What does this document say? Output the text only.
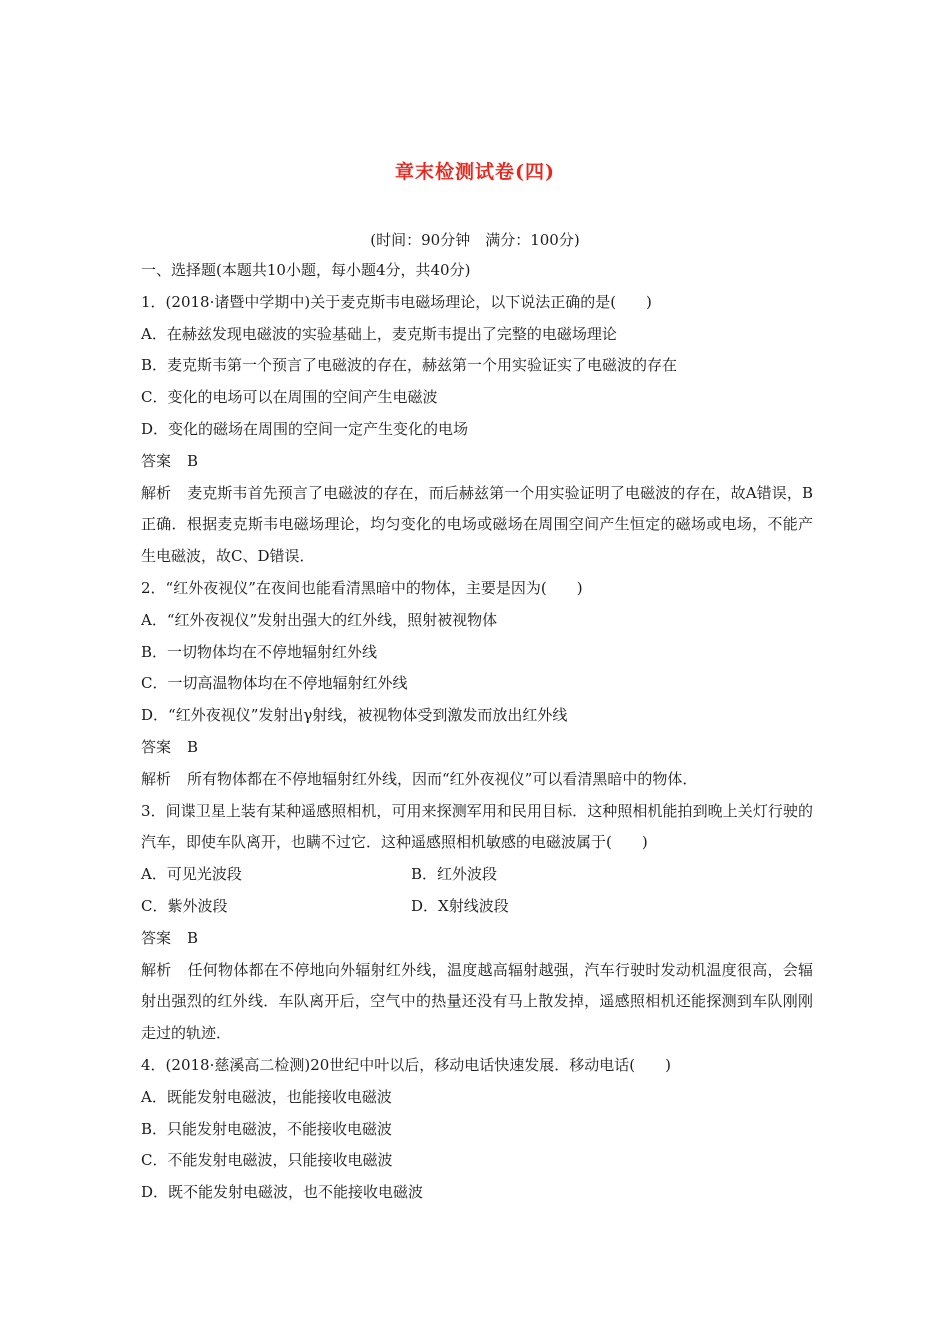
章末检测试卷(四)
(时间：90分钟　满分：100分)
一、选择题(本题共10小题，每小题4分，共40分)
1．(2018·诸暨中学期中)关于麦克斯韦电磁场理论，以下说法正确的是(　　)
A．在赫兹发现电磁波的实验基础上，麦克斯韦提出了完整的电磁场理论
B．麦克斯韦第一个预言了电磁波的存在，赫兹第一个用实验证实了电磁波的存在
C．变化的电场可以在周围的空间产生电磁波
D．变化的磁场在周围的空间一定产生变化的电场
答案 B
解析 麦克斯韦首先预言了电磁波的存在，而后赫兹第一个用实验证明了电磁波的存在，故A错误，B正确．根据麦克斯韦电磁场理论，均匀变化的电场或磁场在周围空间产生恒定的磁场或电场，不能产生电磁波，故C、D错误．
2．“红外夜视仪”在夜间也能看清黑暗中的物体，主要是因为(　　)
A．“红外夜视仪”发射出强大的红外线，照射被视物体
B．一切物体均在不停地辐射红外线
C．一切高温物体均在不停地辐射红外线
D．“红外夜视仪”发射出γ射线，被视物体受到激发而放出红外线
答案 B
解析 所有物体都在不停地辐射红外线，因而“红外夜视仪”可以看清黑暗中的物体．
3．间谍卫星上装有某种遥感照相机，可用来探测军用和民用目标．这种照相机能拍到晚上关灯行驶的汽车，即使车队离开，也瞒不过它．这种遥感照相机敏感的电磁波属于(　　)
A．可见光波段	B．红外波段
C．紫外波段	D．X射线波段
答案 B
解析 任何物体都在不停地向外辐射红外线，温度越高辐射越强，汽车行驶时发动机温度很高，会辐射出强烈的红外线．车队离开后，空气中的热量还没有马上散发掉，遥感照相机还能探测到车队刚刚走过的轨迹．
4．(2018·慈溪高二检测)20世纪中叶以后，移动电话快速发展．移动电话(　　)
A．既能发射电磁波，也能接收电磁波
B．只能发射电磁波，不能接收电磁波
C．不能发射电磁波，只能接收电磁波
D．既不能发射电磁波，也不能接收电磁波
